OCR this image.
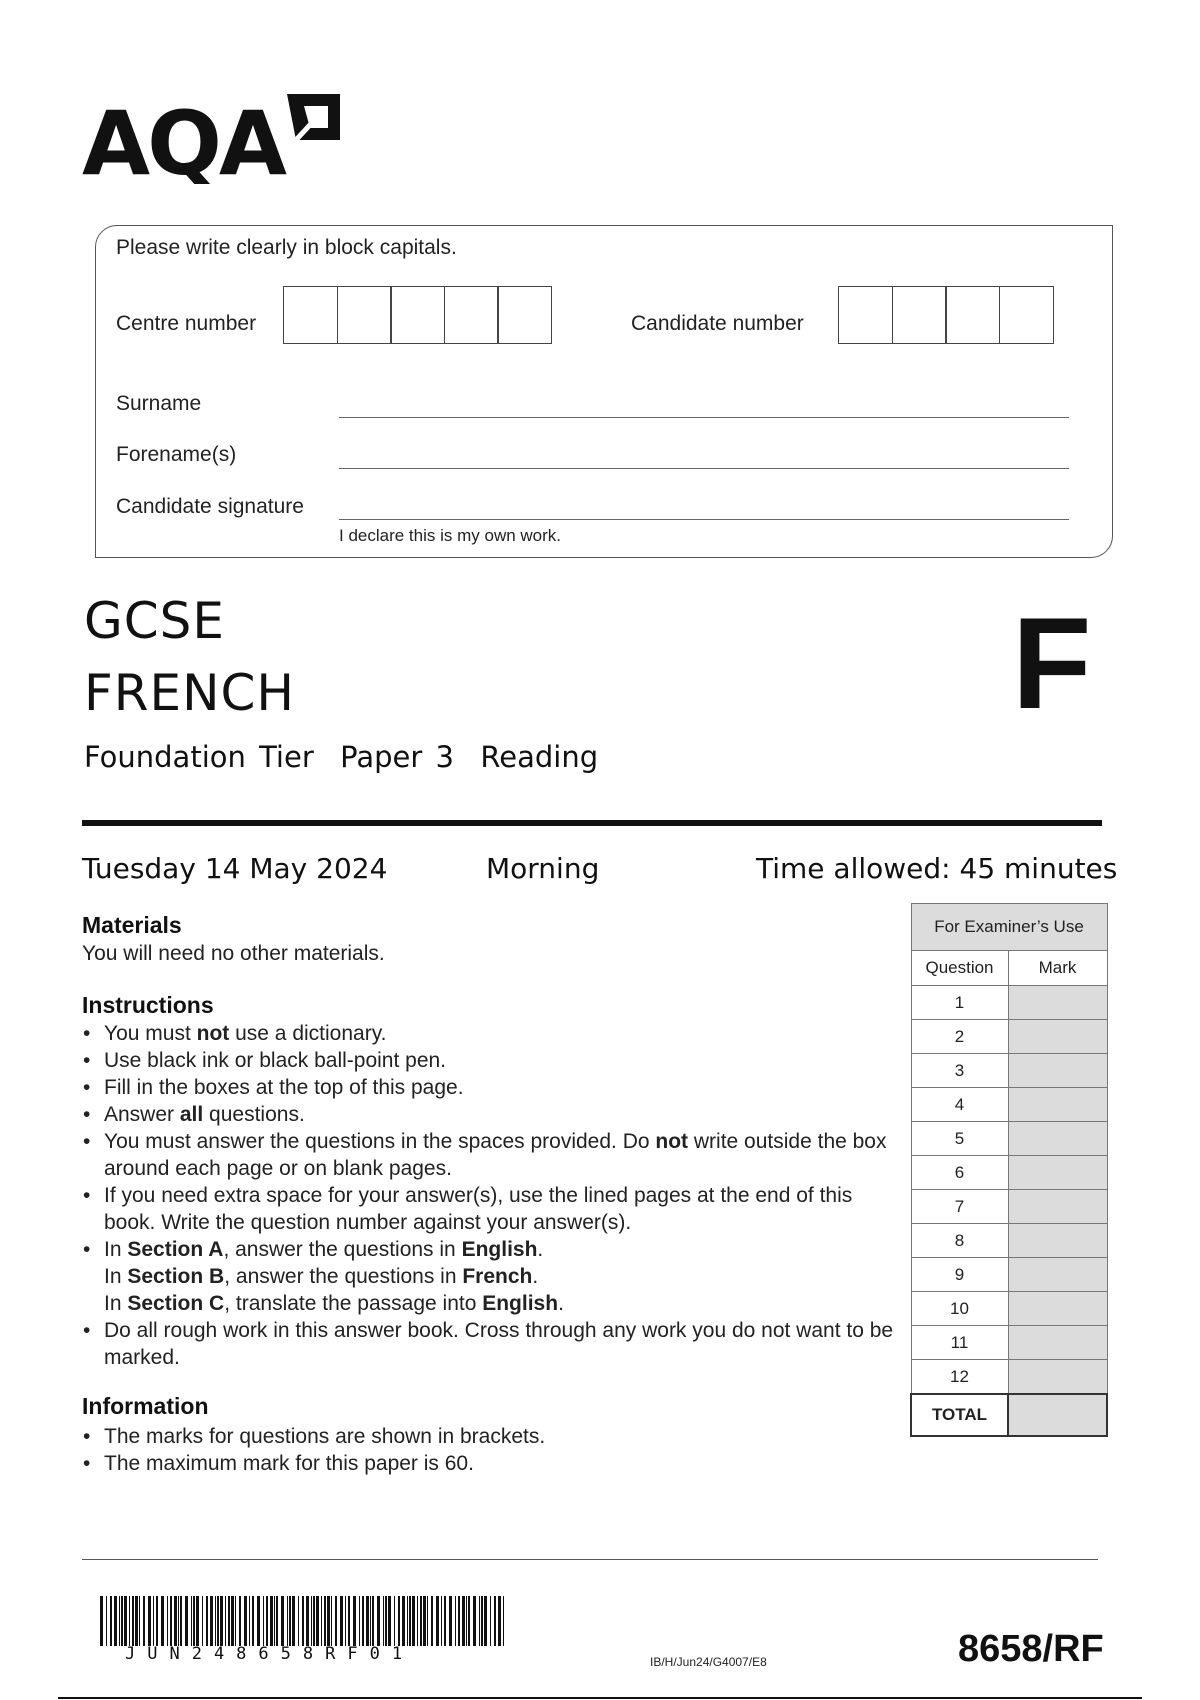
AQA
Please write clearly in block capitals.
Centre number	Candidate number
Surname
Forename(s)
Candidate signature
I declare this is my own work.
GCSE
FRENCH	F
Foundation Tier  Paper 3  Reading
Tuesday 14 May 2024	Morning	Time allowed: 45 minutes
Materials
You will need no other materials.
Instructions
• You must not use a dictionary.
• Use black ink or black ball-point pen.
• Fill in the boxes at the top of this page.
• Answer all questions.
• You must answer the questions in the spaces provided. Do not write outside the box around each page or on blank pages.
• If you need extra space for your answer(s), use the lined pages at the end of this book. Write the question number against your answer(s).
• In Section A, answer the questions in English.
In Section B, answer the questions in French.
In Section C, translate the passage into English.
• Do all rough work in this answer book. Cross through any work you do not want to be marked.
Information
• The marks for questions are shown in brackets.
• The maximum mark for this paper is 60.
For Examiner’s Use	
Question	Mark
1	
2	
3	
4	
5	
6	
7	
8	
9	
10	
11	
12	
TOTAL	
JUN248658RF01	IB/H/Jun24/G4007/E8	8658/RF
